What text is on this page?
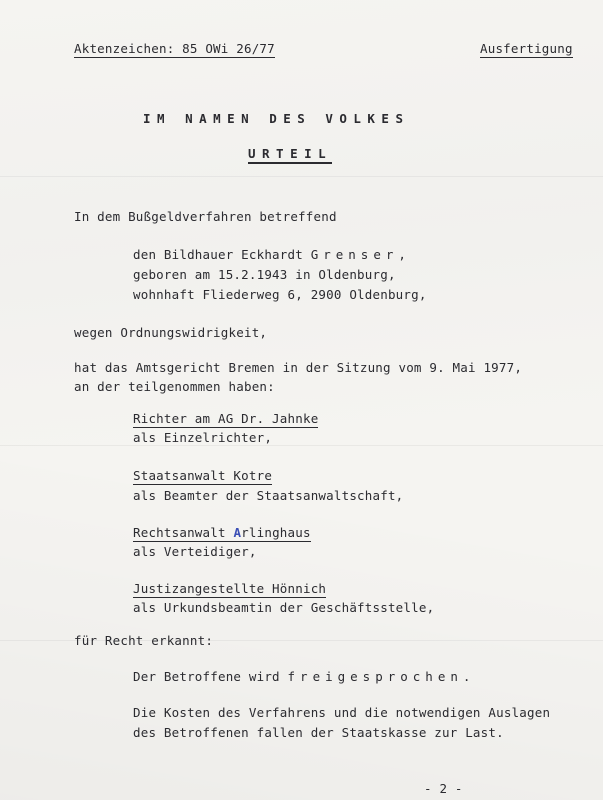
Aktenzeichen: 85 OWi 26/77	Ausfertigung
IM NAMEN DES VOLKES
URTEIL
In dem Bußgeldverfahren betreffend
den Bildhauer Eckhardt Grenser,
geboren am 15.2.1943 in Oldenburg,
wohnhaft Fliederweg 6, 2900 Oldenburg,
wegen Ordnungswidrigkeit,
hat das Amtsgericht Bremen in der Sitzung vom 9. Mai 1977,
an der teilgenommen haben:
Richter am AG Dr. Jahnke
als Einzelrichter,
Staatsanwalt Kotre
als Beamter der Staatsanwaltschaft,
Rechtsanwalt Arlinghaus
als Verteidiger,
Justizangestellte Hönnich
als Urkundsbeamtin der Geschäftsstelle,
für Recht erkannt:
Der Betroffene wird freigesprochen.
Die Kosten des Verfahrens und die notwendigen Auslagen
des Betroffenen fallen der Staatskasse zur Last.
- 2 -
